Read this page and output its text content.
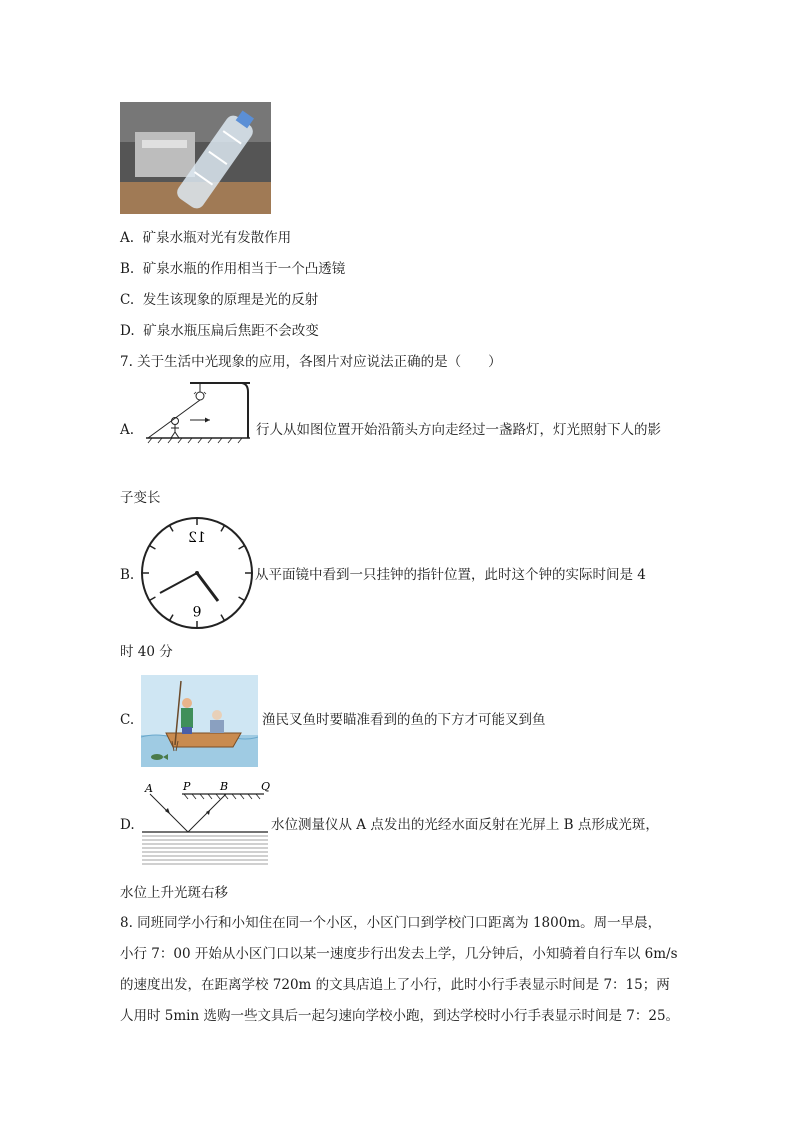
A. 矿泉水瓶对光有发散作用
B. 矿泉水瓶的作用相当于一个凸透镜
C. 发生该现象的原理是光的反射
D. 矿泉水瓶压扁后焦距不会改变
7. 关于生活中光现象的应用，各图片对应说法正确的是（　　）
A.	行人从如图位置开始沿箭头方向走经过一盏路灯，灯光照射下人的影
子变长
B.
12
6
从平面镜中看到一只挂钟的指针位置，此时这个钟的实际时间是 4
时 40 分
C.	渔民叉鱼时要瞄准看到的鱼的下方才可能叉到鱼
D.
A	P	B	Q
水位测量仪从 A 点发出的光经水面反射在光屏上 B 点形成光斑，
水位上升光斑右移
8. 同班同学小行和小知住在同一个小区，小区门口到学校门口距离为 1800m。周一早晨，
小行 7：00 开始从小区门口以某一速度步行出发去上学，几分钟后，小知骑着自行车以 6m/s
的速度出发，在距离学校 720m 的文具店追上了小行，此时小行手表显示时间是 7：15；两
人用时 5min 选购一些文具后一起匀速向学校小跑，到达学校时小行手表显示时间是 7：25。
